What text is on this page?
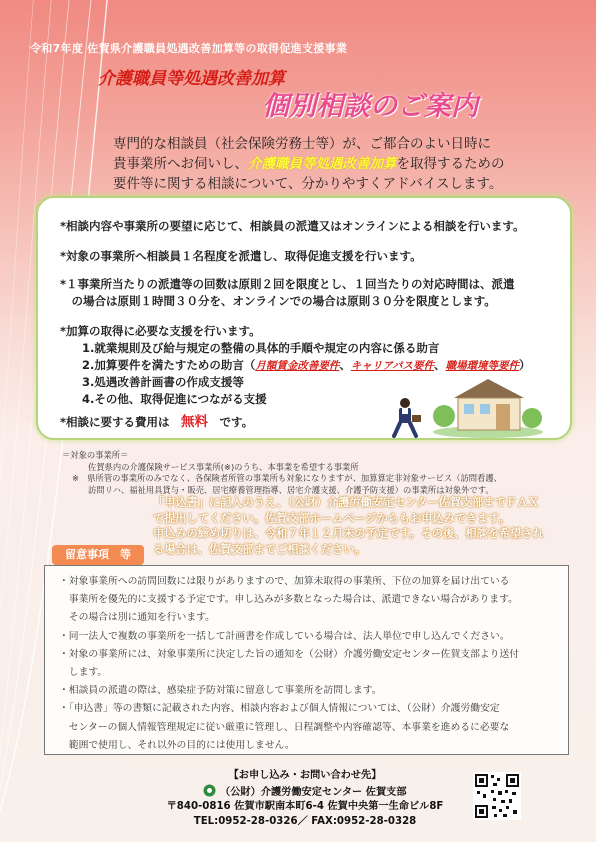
令和7年度 佐賀県介護職員処遇改善加算等の取得促進支援事業
介護職員等処遇改善加算
個別相談のご案内
専門的な相談員（社会保険労務士等）が、ご都合のよい日時に
貴事業所へお伺いし、介護職員等処遇改善加算を取得するための
要件等に関する相談について、分かりやすくアドバイスします。
*相談内容や事業所の要望に応じて、相談員の派遣又はオンラインによる相談を行います。
*対象の事業所へ相談員１名程度を派遣し、取得促進支援を行います。
*１事業所当たりの派遣等の回数は原則２回を限度とし、１回当たりの対応時間は、派遣
　の場合は原則１時間３０分を、オンラインでの場合は原則３０分を限度とします。
*加算の取得に必要な支援を行います。
1.就業規則及び給与規定の整備の具体的手順や規定の内容に係る助言
2.加算要件を満たすための助言（月額賃金改善要件、キャリアパス要件、職場環境等要件）
3.処遇改善計画書の作成支援等
4.その他、取得促進につながる支援
*相談に要する費用は　 無料　 です。
＝対象の事業所＝
佐賀県内の介護保険サービス事業所(※)のうち、本事業を希望する事業所
※　県所管の事業所のみでなく、各保険者所管の事業所も対象になりますが、加算算定非対象サービス（訪問看護、
訪問リハ、福祉用具貸与・販売、居宅療養管理指導、居宅介護支援、介護予防支援）の事業所は対象外です。
「申込書」に記入のうえ、（公財）介護労働安定センター佐賀支部までＦＡＸ
で提出してください。佐賀支部ホームページからもお申込みできます。
申込みの締め切りは、令和７年１２月末の予定です。その後、相談を希望され
る場合は、佐賀支部までご相談ください。
・対象事業所への訪問回数には限りがありますので、加算未取得の事業所、下位の加算を届け出ている
　事業所を優先的に支援する予定です。申し込みが多数となった場合は、派遣できない場合があります。
　その場合は別に通知を行います。
・同一法人で複数の事業所を一括して計画書を作成している場合は、法人単位で申し込んでください。
・対象の事業所には、対象事業所に決定した旨の通知を（公財）介護労働安定センター佐賀支部より送付
　します。
・相談員の派遣の際は、感染症予防対策に留意して事業所を訪問します。
・「申込書」等の書類に記載された内容、相談内容および個人情報については、（公財）介護労働安定
　センターの個人情報管理規定に従い厳重に管理し、日程調整や内容確認等、本事業を進めるに必要な
　範囲で使用し、それ以外の目的には使用しません。
留意事項　等
【お申し込み・お問い合わせ先】
（公財）介護労働安定センター 佐賀支部
〒840-0816 佐賀市駅南本町6-4 佐賀中央第一生命ビル8F
TEL:0952-28-0326／ FAX:0952-28-0328
